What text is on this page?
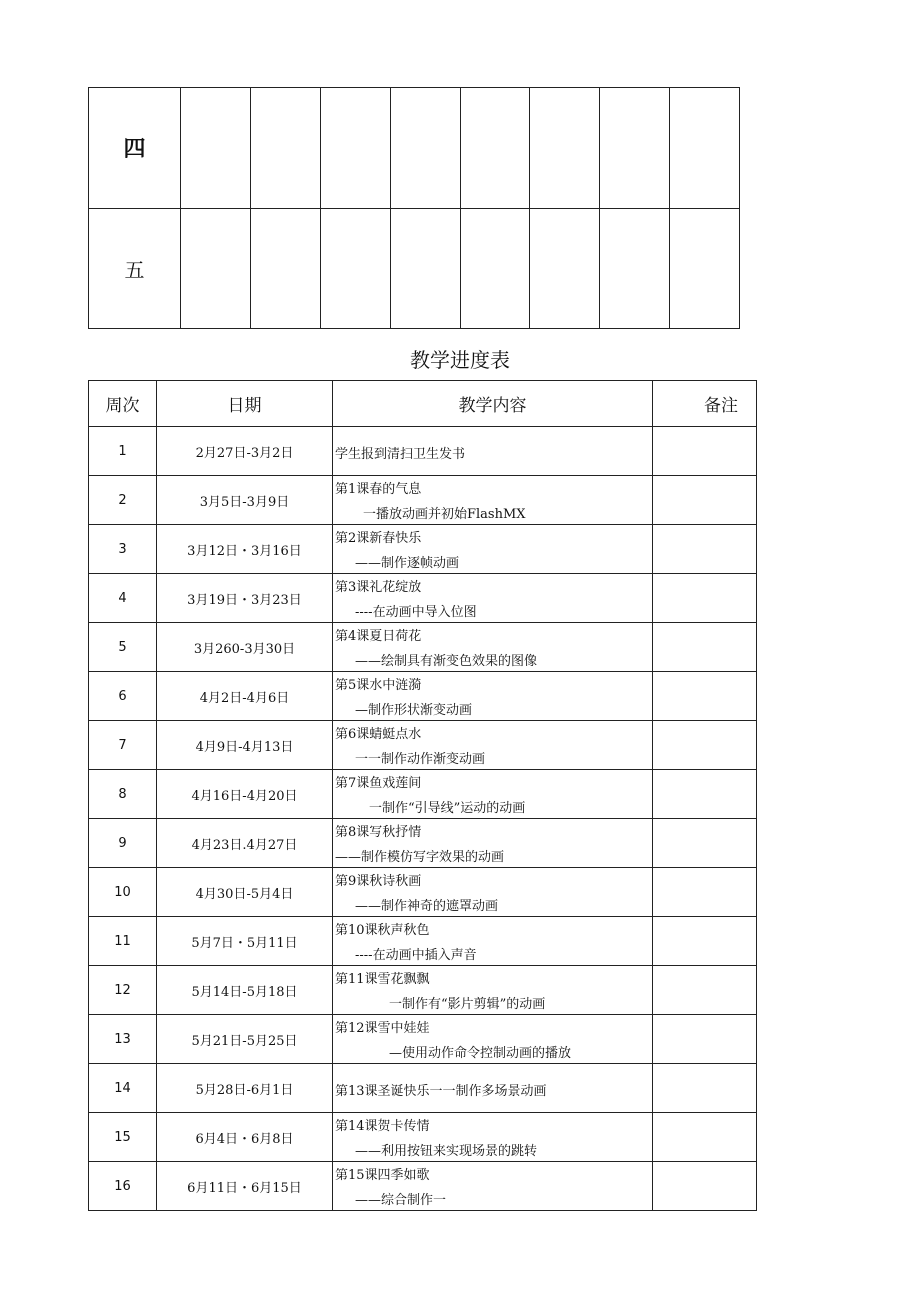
四								
五								
教学进度表
周次	日期	教学内容	备注
1	2月27日-3月2日	学生报到清扫卫生发书	

2	3月5日-3月9日	第1课春的气息
一播放动画并初始FlashMX	

3	3月12日・3月16日	第2课新春快乐
——制作逐帧动画	

4	3月19日・3月23日	第3课礼花绽放
----在动画中导入位图	

5	3月260-3月30日	第4课夏日荷花
——绘制具有渐变色效果的图像	

6	4月2日-4月6日	第5课水中涟漪
—制作形状渐变动画	

7	4月9日-4月13日	第6课蜻蜓点水
一一制作动作渐变动画	

8	4月16日-4月20日	第7课鱼戏莲间
一制作“引导线”运动的动画	

9	4月23日.4月27日	第8课写秋抒情
——制作模仿写字效果的动画	

10	4月30日-5月4日	第9课秋诗秋画
——制作神奇的遮罩动画	

11	5月7日・5月11日	第10课秋声秋色
----在动画中插入声音	

12	5月14日-5月18日	第11课雪花飘飘
一制作有“影片剪辑”的动画	

13	5月21日-5月25日	第12课雪中娃娃
—使用动作命令控制动画的播放	

14	5月28日-6月1日	第13课圣诞快乐一一制作多场景动画	

15	6月4日・6月8日	第14课贺卡传情
——利用按钮来实现场景的跳转	

16	6月11日・6月15日	第15课四季如歌
——综合制作一	
